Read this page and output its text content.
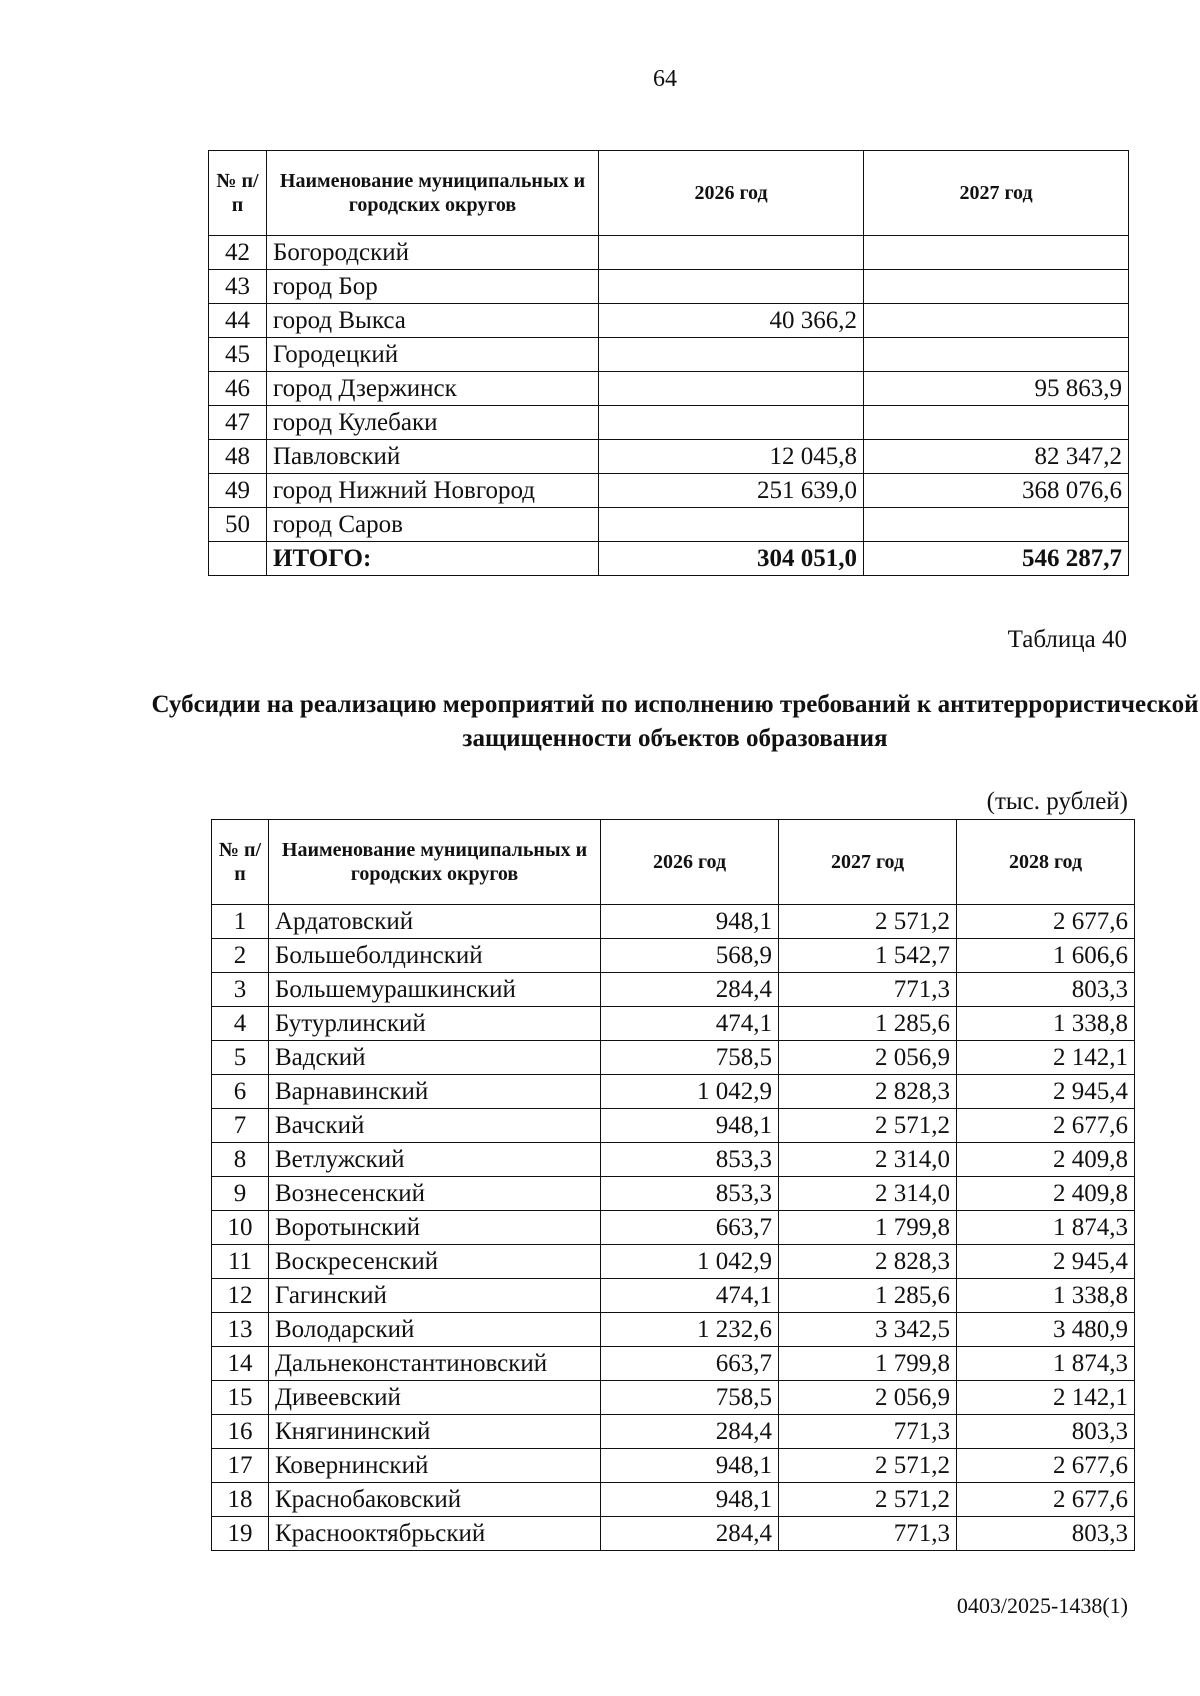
64
№ п/п	Наименование муниципальных и городских округов	2026 год	2027 год
42	Богородский		
43	город Бор		
44	город Выкса	40 366,2	
45	Городецкий		
46	город Дзержинск		95 863,9
47	город Кулебаки		
48	Павловский	12 045,8	82 347,2
49	город Нижний Новгород	251 639,0	368 076,6
50	город Саров		
	ИТОГО:	304 051,0	546 287,7
Таблица 40
Субсидии на реализацию мероприятий по исполнению требований к антитеррористической защищенности объектов образования
(тыс. рублей)
№ п/п	Наименование муниципальных и городских округов	2026 год	2027 год	2028 год
1	Ардатовский	948,1	2 571,2	2 677,6
2	Большеболдинский	568,9	1 542,7	1 606,6
3	Большемурашкинский	284,4	771,3	803,3
4	Бутурлинский	474,1	1 285,6	1 338,8
5	Вадский	758,5	2 056,9	2 142,1
6	Варнавинский	1 042,9	2 828,3	2 945,4
7	Вачский	948,1	2 571,2	2 677,6
8	Ветлужский	853,3	2 314,0	2 409,8
9	Вознесенский	853,3	2 314,0	2 409,8
10	Воротынский	663,7	1 799,8	1 874,3
11	Воскресенский	1 042,9	2 828,3	2 945,4
12	Гагинский	474,1	1 285,6	1 338,8
13	Володарский	1 232,6	3 342,5	3 480,9
14	Дальнеконстантиновский	663,7	1 799,8	1 874,3
15	Дивеевский	758,5	2 056,9	2 142,1
16	Княгининский	284,4	771,3	803,3
17	Ковернинский	948,1	2 571,2	2 677,6
18	Краснобаковский	948,1	2 571,2	2 677,6
19	Краснооктябрьский	284,4	771,3	803,3
0403/2025-1438(1)
